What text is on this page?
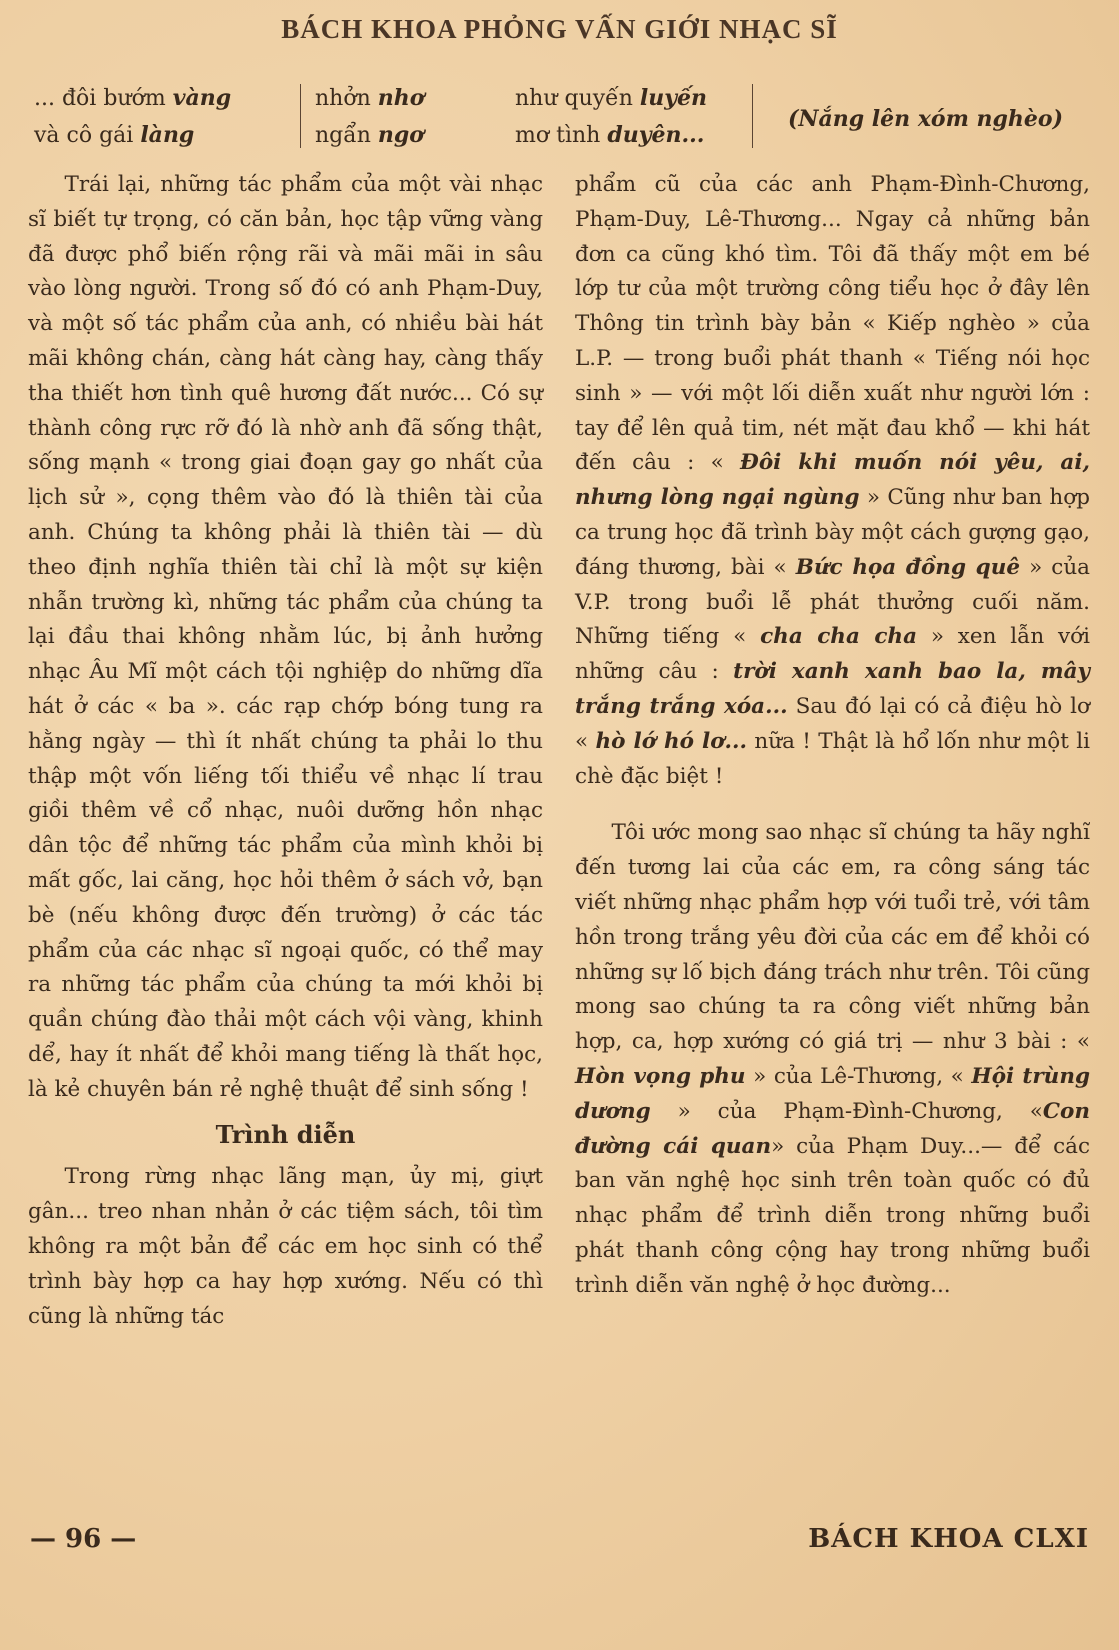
BÁCH KHOA PHỎNG VẤN GIỚI NHẠC SĨ
... đôi bướm vàng
và cô gái làng
nhởn nhơ
ngẩn ngơ
như quyến luyến
mơ tình duyên...
(Nắng lên xóm nghèo)

Trái lại, những tác phẩm của một vài nhạc sĩ biết tự trọng, có căn bản, học tập vững vàng đã được phổ biến rộng rãi và mãi mãi in sâu vào lòng người. Trong số đó có anh Phạm-Duy, và một số tác phẩm của anh, có nhiều bài hát mãi không chán, càng hát càng hay, càng thấy tha thiết hơn tình quê hương đất nước... Có sự thành công rực rỡ đó là nhờ anh đã sống thật, sống mạnh « trong giai đoạn gay go nhất của lịch sử », cọng thêm vào đó là thiên tài của anh. Chúng ta không phải là thiên tài — dù theo định nghĩa thiên tài chỉ là một sự kiện nhẫn trường kì, những tác phẩm của chúng ta lại đầu thai không nhằm lúc, bị ảnh hưởng nhạc Âu Mĩ một cách tội nghiệp do những dĩa hát ở các « ba ». các rạp chớp bóng tung ra hằng ngày — thì ít nhất chúng ta phải lo thu thập một vốn liếng tối thiểu về nhạc lí trau giồi thêm về cổ nhạc, nuôi dưỡng hồn nhạc dân tộc để những tác phẩm của mình khỏi bị mất gốc, lai căng, học hỏi thêm ở sách vở, bạn bè (nếu không được đến trường) ở các tác phẩm của các nhạc sĩ ngoại quốc, có thể may ra những tác phẩm của chúng ta mới khỏi bị quần chúng đào thải một cách vội vàng, khinh dể, hay ít nhất để khỏi mang tiếng là thất học, là kẻ chuyên bán rẻ nghệ thuật để sinh sống !

Trình diễn

Trong rừng nhạc lãng mạn, ủy mị, giựt gân... treo nhan nhản ở các tiệm sách, tôi tìm không ra một bản để các em học sinh có thể trình bày hợp ca hay hợp xướng. Nếu có thì cũng là những tác

phẩm cũ của các anh Phạm-Đình-Chương, Phạm-Duy, Lê-Thương... Ngay cả những bản đơn ca cũng khó tìm. Tôi đã thấy một em bé lớp tư của một trường công tiểu học ở đây lên Thông tin trình bày bản « Kiếp nghèo » của L.P. — trong buổi phát thanh « Tiếng nói học sinh » — với một lối diễn xuất như người lớn : tay để lên quả tim, nét mặt đau khổ — khi hát đến câu : « Đôi khi muốn nói yêu, ai, nhưng lòng ngại ngùng » Cũng như ban hợp ca trung học đã trình bày một cách gượng gạo, đáng thương, bài « Bức họa đồng quê » của V.P. trong buổi lễ phát thưởng cuối năm. Những tiếng « cha cha cha » xen lẫn với những câu : trời xanh xanh bao la, mây trắng trắng xóa... Sau đó lại có cả điệu hò lơ « hò lớ hó lơ... nữa ! Thật là hổ lốn như một li chè đặc biệt !

Tôi ước mong sao nhạc sĩ chúng ta hãy nghĩ đến tương lai của các em, ra công sáng tác viết những nhạc phẩm hợp với tuổi trẻ, với tâm hồn trong trắng yêu đời của các em để khỏi có những sự lố bịch đáng trách như trên. Tôi cũng mong sao chúng ta ra công viết những bản hợp, ca, hợp xướng có giá trị — như 3 bài : « Hòn vọng phu » của Lê-Thương, « Hội trùng dương » của Phạm-Đình-Chương, «Con đường cái quan» của Phạm Duy...— để các ban văn nghệ học sinh trên toàn quốc có đủ nhạc phẩm để trình diễn trong những buổi phát thanh công cộng hay trong những buổi trình diễn văn nghệ ở học đường...

— 96 —	BÁCH KHOA CLXI
